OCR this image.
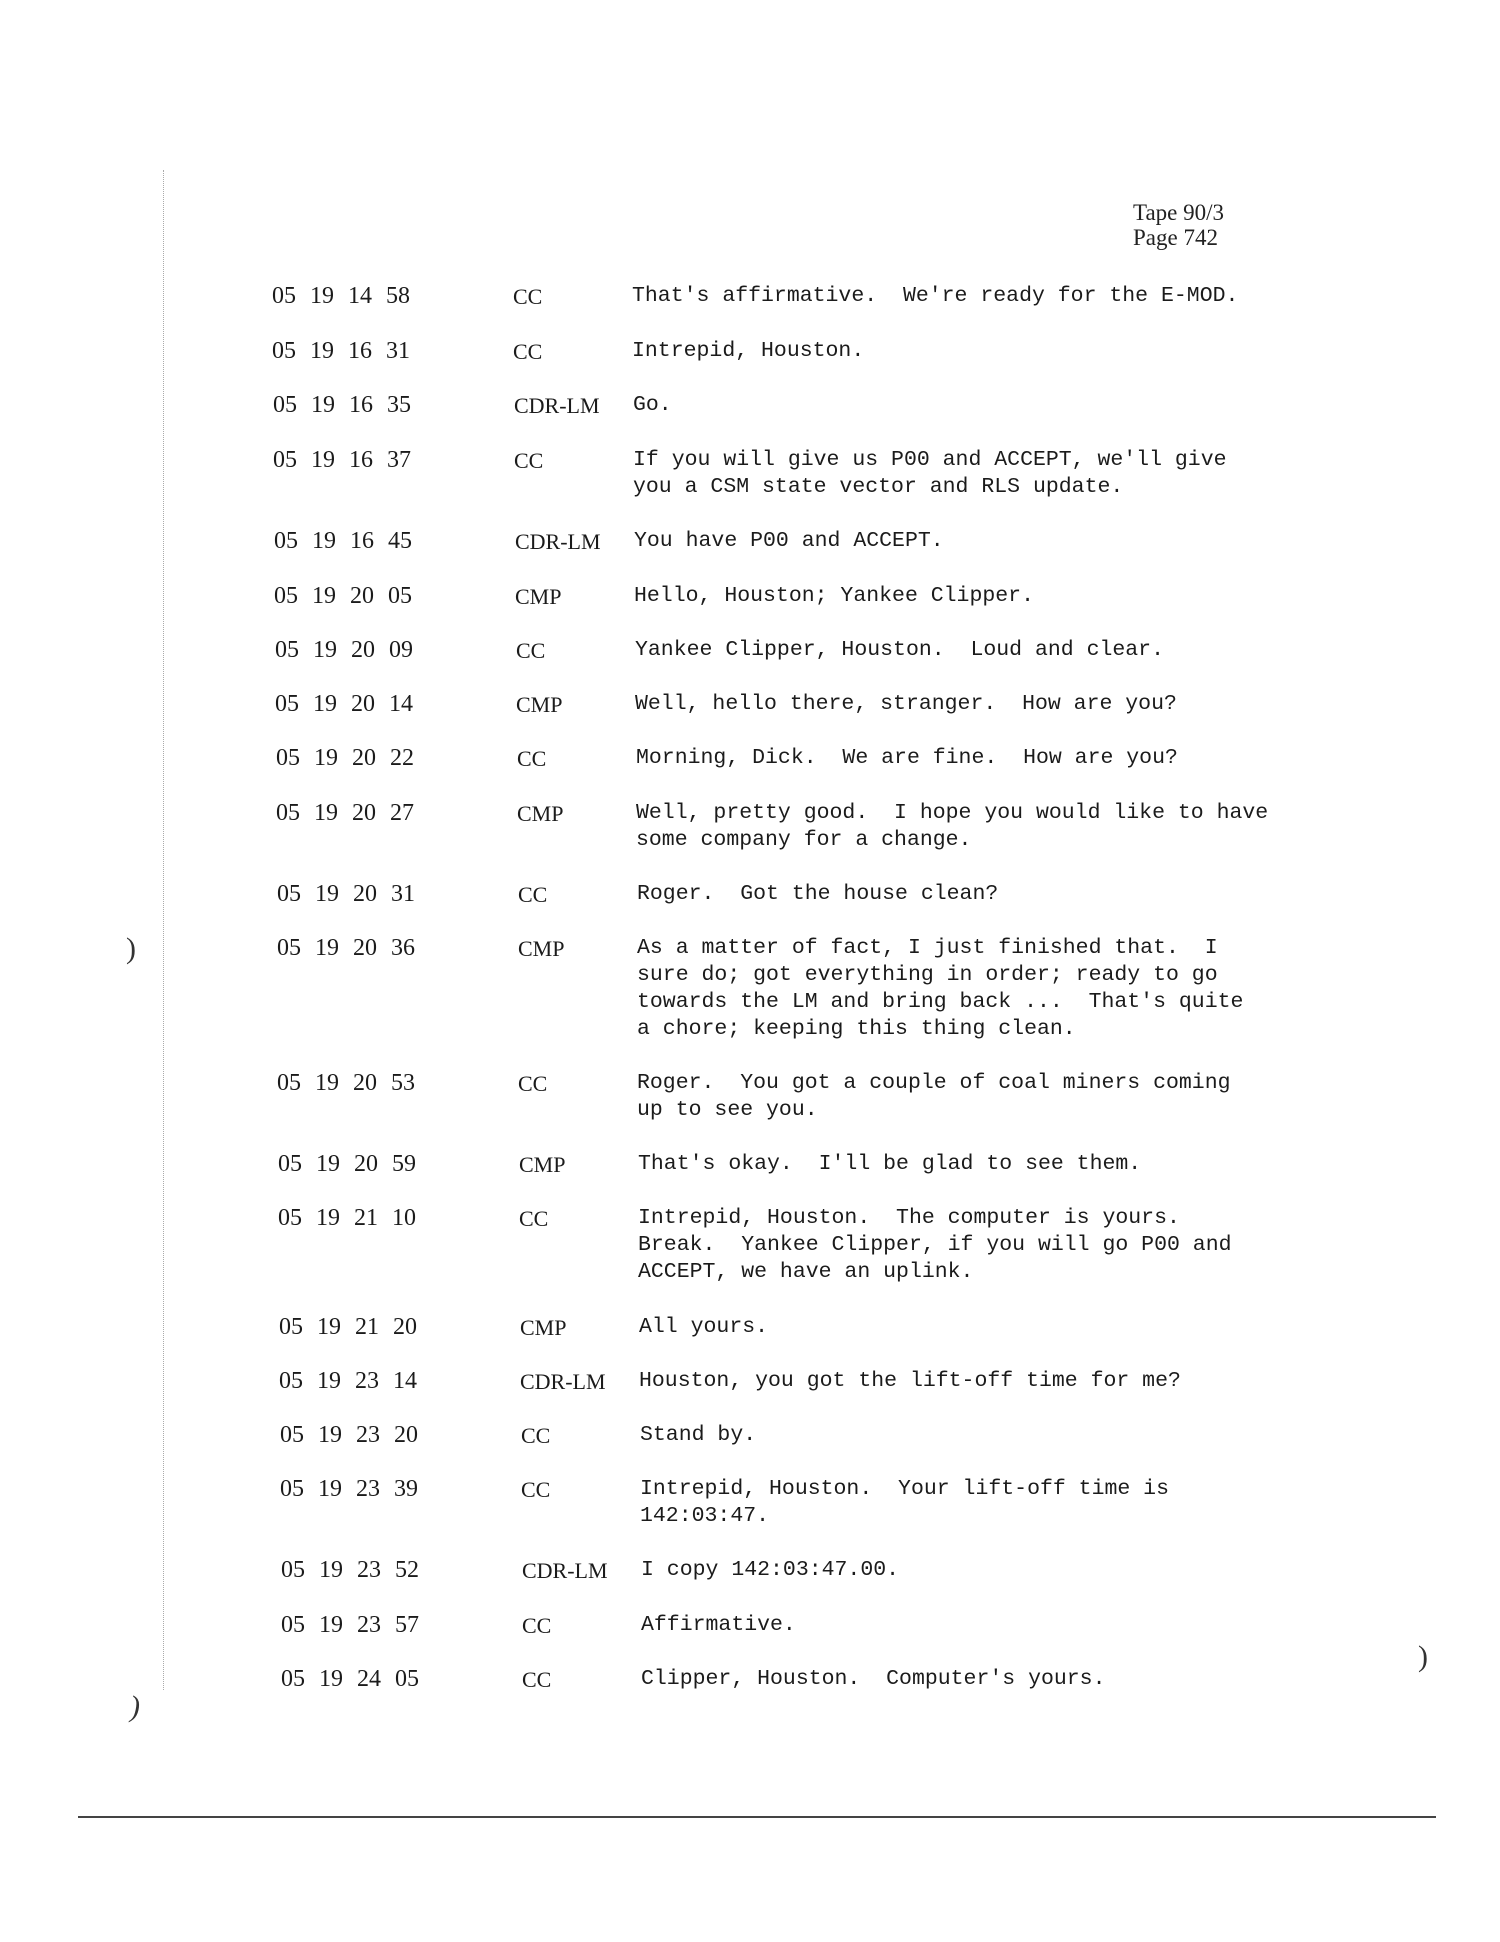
)
)
)
Tape 90/3
Page 742
05 19 14 58	CC	That's affirmative.  We're ready for the E-MOD.
05 19 16 31	CC	Intrepid, Houston.
05 19 16 35	CDR-LM Go.
05 19 16 37	CC	If you will give us P00 and ACCEPT, we'll give
you a CSM state vector and RLS update.
05 19 16 45	CDR-LM You have P00 and ACCEPT.
05 19 20 05	CMP	Hello, Houston; Yankee Clipper.
05 19 20 09	CC	Yankee Clipper, Houston.  Loud and clear.
05 19 20 14	CMP	Well, hello there, stranger.  How are you?
05 19 20 22	CC	Morning, Dick.  We are fine.  How are you?
05 19 20 27	CMP	Well, pretty good.  I hope you would like to have
some company for a change.
05 19 20 31	CC	Roger.  Got the house clean?
05 19 20 36	CMP	As a matter of fact, I just finished that.  I
sure do; got everything in order; ready to go
towards the LM and bring back ...  That's quite
a chore; keeping this thing clean.
05 19 20 53	CC	Roger.  You got a couple of coal miners coming
up to see you.
05 19 20 59	CMP	That's okay.  I'll be glad to see them.
05 19 21 10	CC	Intrepid, Houston.  The computer is yours.
Break.  Yankee Clipper, if you will go P00 and
ACCEPT, we have an uplink.
05 19 21 20	CMP	All yours.
05 19 23 14	CDR-LM Houston, you got the lift-off time for me?
05 19 23 20	CC	Stand by.
05 19 23 39	CC	Intrepid, Houston.  Your lift-off time is
142:03:47.
05 19 23 52	CDR-LM I copy 142:03:47.00.
05 19 23 57	CC	Affirmative.
05 19 24 05	CC	Clipper, Houston.  Computer's yours.
